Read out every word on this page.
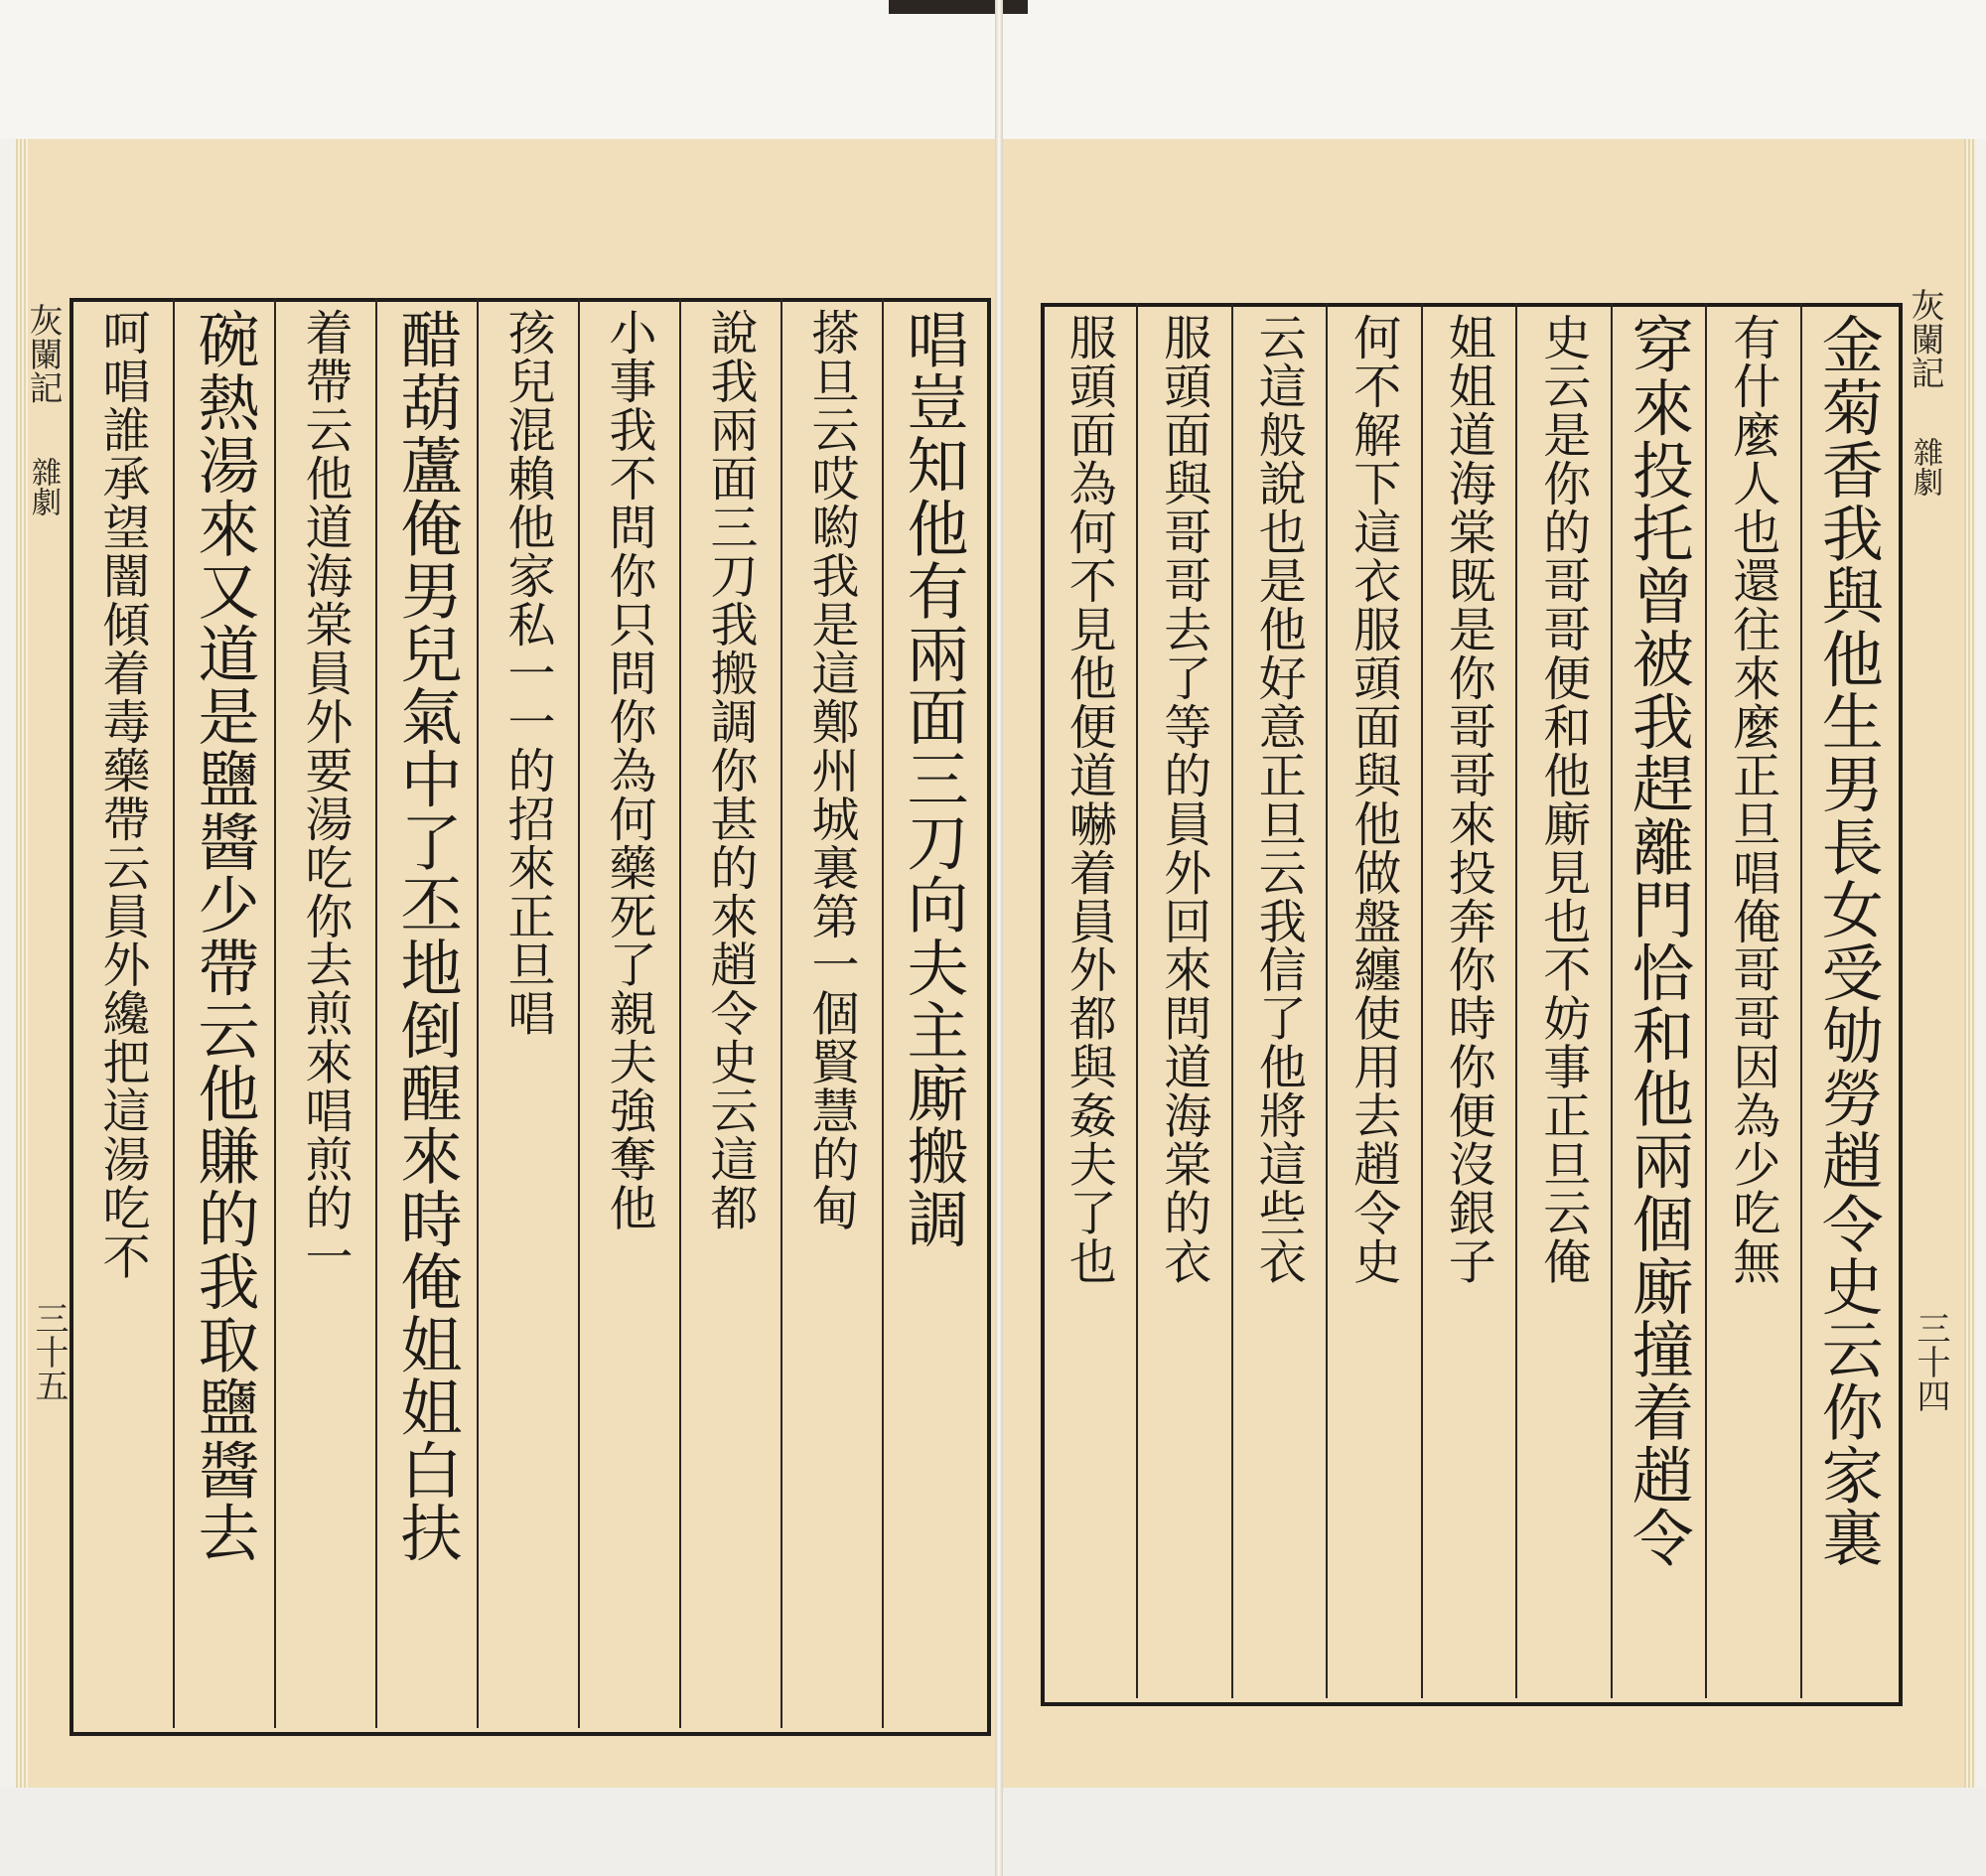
灰闌記
雜劇
三十五
唱豈知他有兩面三刀向夫主廝搬調
搽旦云哎喲我是這鄭州城裏第一個賢慧的甸
說我兩面三刀我搬調你甚的來趙令史云這都
小事我不問你只問你為何藥死了親夫強奪他
孩兒混賴他家私一一的招來正旦唱
醋葫蘆俺男兒氣中了丕地倒醒來時俺姐姐白扶
着帶云他道海棠員外要湯吃你去煎來唱煎的一
碗熱湯來又道是鹽醬少帶云他賺的我取鹽醬去
呵唱誰承望闇傾着毒藥帶云員外纔把這湯吃不	灰闌記
雜劇
三十四
金菊香我與他生男長女受劬勞趙令史云你家裏
有什麼人也還往來麼正旦唱俺哥哥因為少吃無
穿來投托曾被我趕離門恰和他兩個廝撞着趙令
史云是你的哥哥便和他廝見也不妨事正旦云俺
姐姐道海棠既是你哥哥來投奔你時你便沒銀子
何不解下這衣服頭面與他做盤纏使用去趙令史
云這般說也是他好意正旦云我信了他將這些衣
服頭面與哥哥去了等的員外回來問道海棠的衣
服頭面為何不見他便道嚇着員外都與姦夫了也
